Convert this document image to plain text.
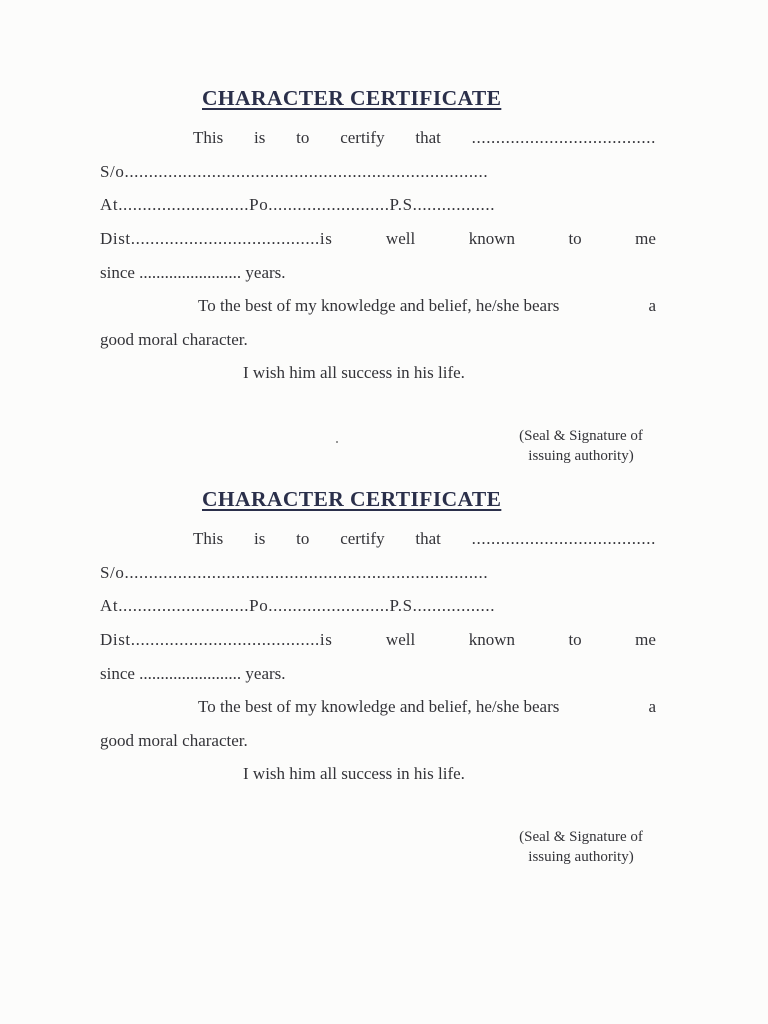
CHARACTER CERTIFICATE
This is to certify that ......................................
S/o...........................................................................
At...........................Po.........................P.S.................
Dist.......................................is	well	known	to	me
since ........................ years.
To the best of my knowledge and belief, he/she bears	a
good moral character.
I wish him all success in his life.
(Seal & Signature of
issuing authority)
CHARACTER CERTIFICATE
This is to certify that ......................................
S/o...........................................................................
At...........................Po.........................P.S.................
Dist.......................................is	well	known	to	me
since ........................ years.
To the best of my knowledge and belief, he/she bears	a
good moral character.
I wish him all success in his life.
(Seal & Signature of
issuing authority)
